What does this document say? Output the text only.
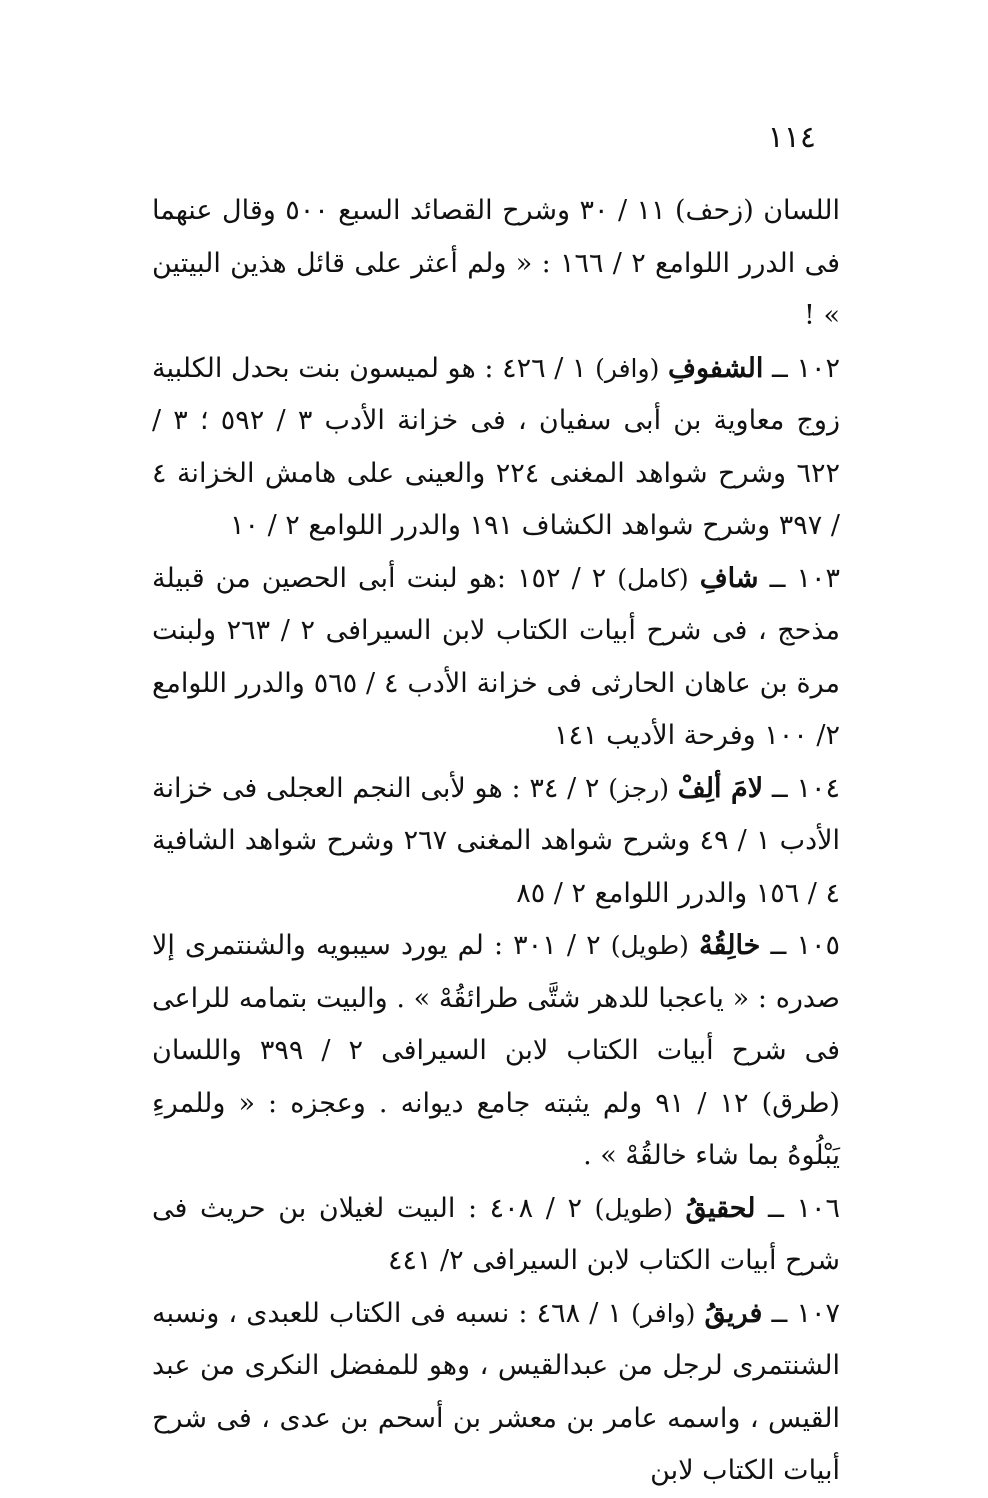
١١٤

اللسان (زحف) ١١ / ٣٠ وشرح القصائد السبع ٥٠٠ وقال عنهما فى الدرر اللوامع ٢ / ١٦٦ : « ولم أعثر على قائل هذين البيتين » !

١٠٢ ــ الشفوفِ (وافر) ١ / ٤٢٦ : هو لميسون بنت بحدل الكلبية زوج معاوية بن أبى سفيان ، فى خزانة الأدب ٣ / ٥٩٢ ؛ ٣ / ٦٢٢ وشرح شواهد المغنى ٢٢٤ والعينى على هامش الخزانة ٤ / ٣٩٧ وشرح شواهد الكشاف ١٩١ والدرر اللوامع ٢ / ١٠

١٠٣ ــ شافِ (كامل) ٢ / ١٥٢ :هو لبنت أبى الحصين من قبيلة مذحج ، فى شرح أبيات الكتاب لابن السيرافى ٢ / ٢٦٣ ولبنت مرة بن عاهان الحارثى فى خزانة الأدب ٤ / ٥٦٥ والدرر اللوامع ٢/ ١٠٠ وفرحة الأديب ١٤١

١٠٤ ــ لامَ ألِفْ (رجز) ٢ / ٣٤ : هو لأبى النجم العجلى فى خزانة الأدب ١ / ٤٩ وشرح شواهد المغنى ٢٦٧ وشرح شواهد الشافية ٤ / ١٥٦ والدرر اللوامع ٢ / ٨٥

١٠٥ ــ خالِقُهْ (طويل) ٢ / ٣٠١ : لم يورد سيبويه والشنتمرى إلا صدره : « ياعجبا للدهر شتَّى طرائقُهْ » . والبيت بتمامه للراعى فى شرح أبيات الكتاب لابن السيرافى ٢ / ٣٩٩ واللسان (طرق) ١٢ / ٩١ ولم يثبته جامع ديوانه . وعجزه : « وللمرءِ يَبْلُوهُ بما شاء خالقُهْ » .

١٠٦ ــ لحقيقُ (طويل) ٢ / ٤٠٨ : البيت لغيلان بن حريث فى شرح أبيات الكتاب لابن السيرافى ٢/ ٤٤١

١٠٧ ــ فريقُ (وافر) ١ / ٤٦٨ : نسبه فى الكتاب للعبدى ، ونسبه الشنتمرى لرجل من عبدالقيس ، وهو للمفضل النكرى من عبد القيس ، واسمه عامر بن معشر بن أسحم بن عدى ، فى شرح أبيات الكتاب لابن
